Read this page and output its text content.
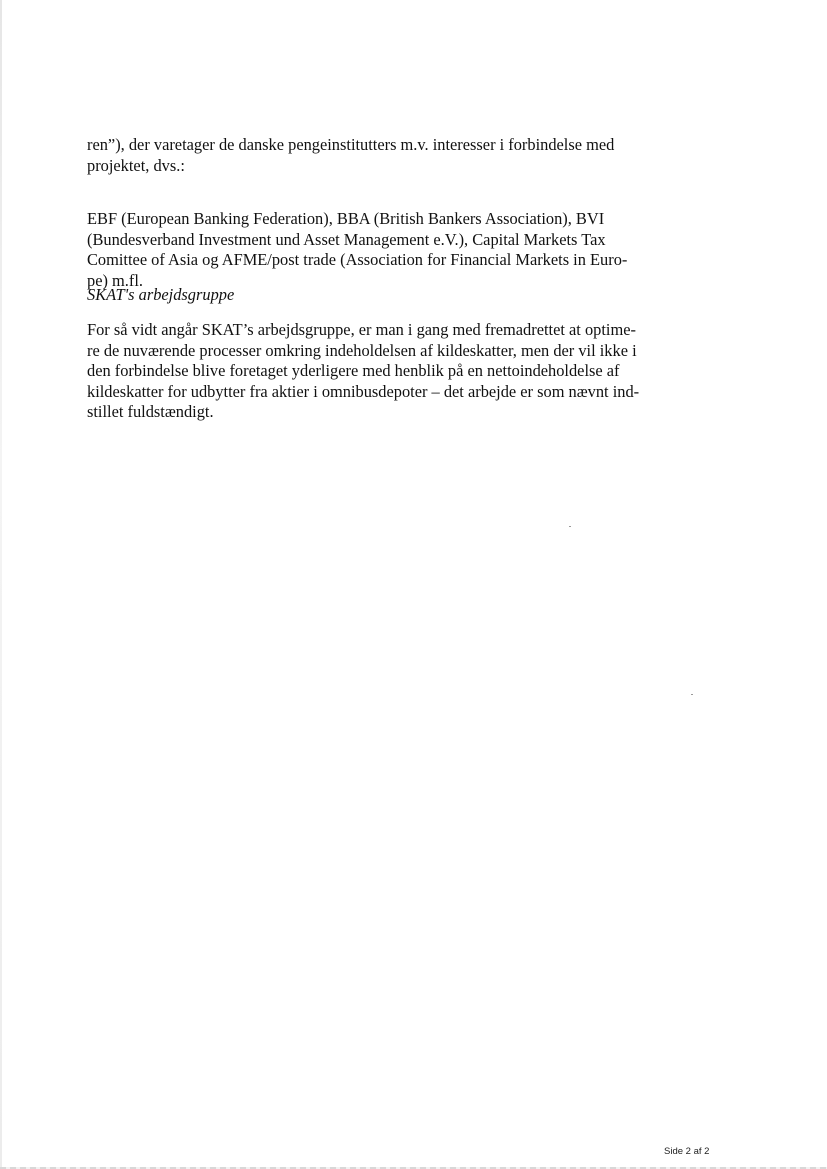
ren”), der varetager de danske pengeinstitutters m.v. interesser i forbindelse med
projektet, dvs.:

EBF (European Banking Federation), BBA (British Bankers Association), BVI
(Bundesverband Investment und Asset Management e.V.), Capital Markets Tax
Comittee of Asia og AFME/post trade (Association for Financial Markets in Euro-
pe) m.fl.

SKAT's arbejdsgruppe

For så vidt angår SKAT’s arbejdsgruppe, er man i gang med fremadrettet at optime-
re de nuværende processer omkring indeholdelsen af kildeskatter, men der vil ikke i
den forbindelse blive foretaget yderligere med henblik på en nettoindeholdelse af
kildeskatter for udbytter fra aktier i omnibusdepoter – det arbejde er som nævnt ind-
stillet fuldstændigt.

Side 2 af 2
